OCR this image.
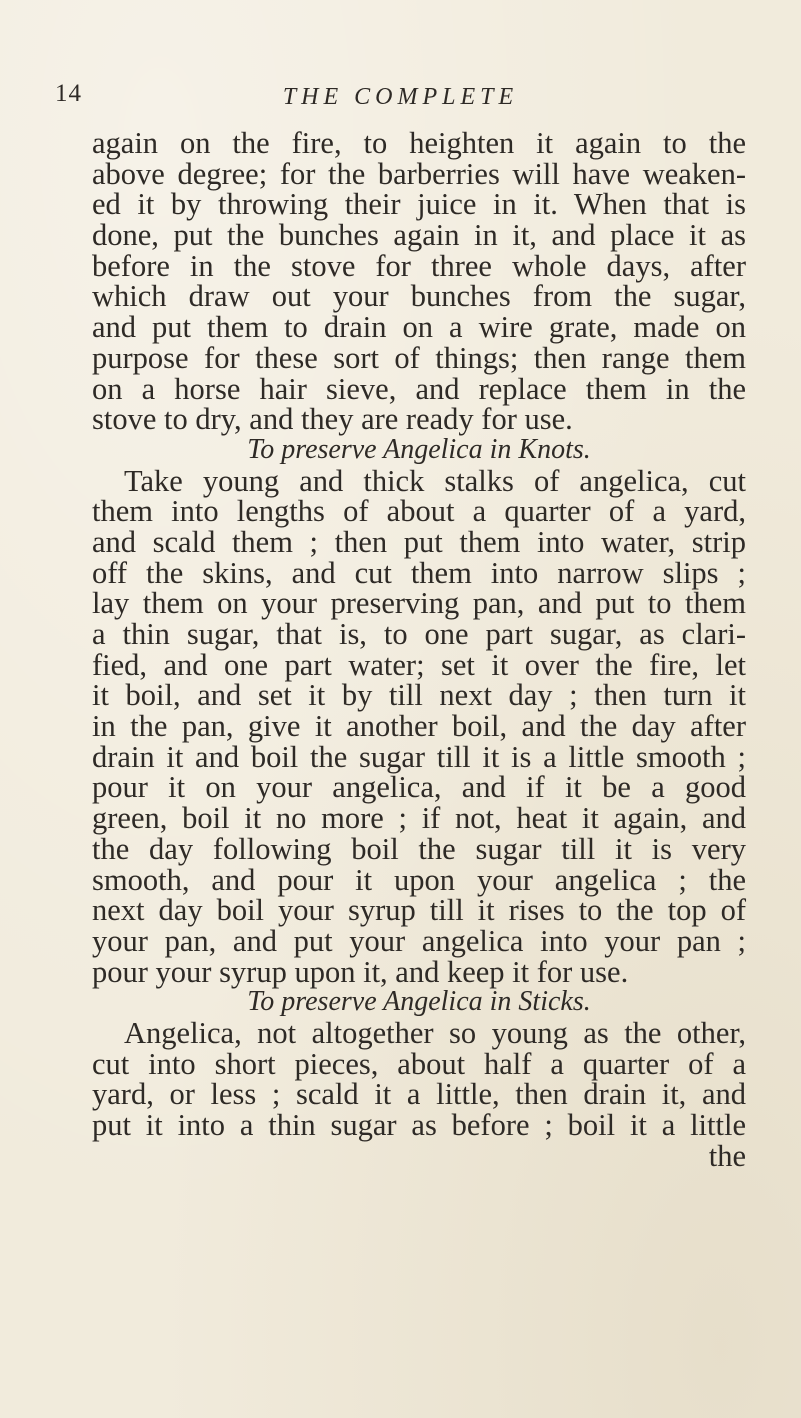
14	THE COMPLETE
again on the fire, to heighten it again to the
above degree; for the barberries will have weaken-
ed it by throwing their juice in it. When that is
done, put the bunches again in it, and place it as
before in the stove for three whole days, after
which draw out your bunches from the sugar,
and put them to drain on a wire grate, made on
purpose for these sort of things; then range them
on a horse hair sieve, and replace them in the
stove to dry, and they are ready for use.
To preserve Angelica in Knots.
Take young and thick stalks of angelica, cut
them into lengths of about a quarter of a yard,
and scald them ; then put them into water, strip
off the skins, and cut them into narrow slips ;
lay them on your preserving pan, and put to them
a thin sugar, that is, to one part sugar, as clari-
fied, and one part water; set it over the fire, let
it boil, and set it by till next day ; then turn it
in the pan, give it another boil, and the day after
drain it and boil the sugar till it is a little smooth ;
pour it on your angelica, and if it be a good
green, boil it no more ; if not, heat it again, and
the day following boil the sugar till it is very
smooth, and pour it upon your angelica ; the
next day boil your syrup till it rises to the top of
your pan, and put your angelica into your pan ;
pour your syrup upon it, and keep it for use.
To preserve Angelica in Sticks.
Angelica, not altogether so young as the other,
cut into short pieces, about half a quarter of a
yard, or less ; scald it a little, then drain it, and
put it into a thin sugar as before ; boil it a little
the
